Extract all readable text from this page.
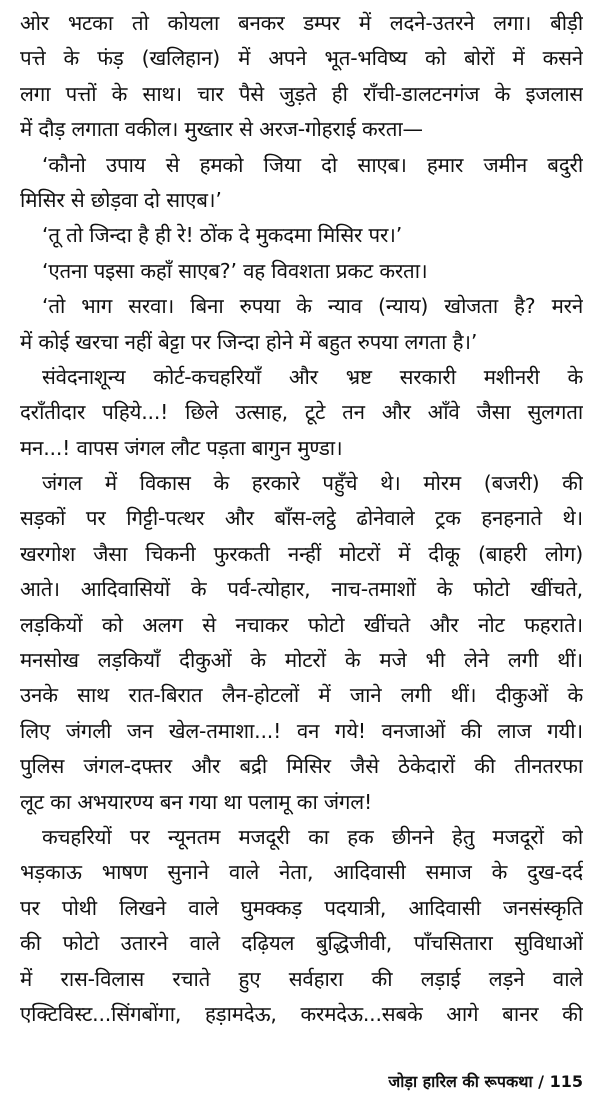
ओर भटका तो कोयला बनकर डम्पर में लदने-उतरने लगा। बीड़ी
पत्ते के फंड़ (खलिहान) में अपने भूत-भविष्य को बोरों में कसने
लगा पत्तों के साथ। चार पैसे जुड़ते ही राँची-डालटनगंज के इजलास
में दौड़ लगाता वकील। मुख्तार से अरज-गोहराई करता—
‘कौनो उपाय से हमको जिया दो साएब। हमार जमीन बदुरी
मिसिर से छोड़वा दो साएब।’
‘तू तो जिन्दा है ही रे! ठोंक दे मुकदमा मिसिर पर।’
‘एतना पइसा कहाँ साएब?’ वह विवशता प्रकट करता।
‘तो भाग सरवा। बिना रुपया के न्याव (न्याय) खोजता है? मरने
में कोई खरचा नहीं बेट्टा पर जिन्दा होने में बहुत रुपया लगता है।’
संवेदनाशून्य कोर्ट-कचहरियाँ और भ्रष्ट सरकारी मशीनरी के
दराँतीदार पहिये...! छिले उत्साह, टूटे तन और आँवे जैसा सुलगता
मन...! वापस जंगल लौट पड़ता बागुन मुण्डा।
जंगल में विकास के हरकारे पहुँचे थे। मोरम (बजरी) की
सड़कों पर गिट्टी-पत्थर और बाँस-लट्ठे ढोनेवाले ट्रक हनहनाते थे।
खरगोश जैसा चिकनी फुरकती नन्हीं मोटरों में दीकू (बाहरी लोग)
आते। आदिवासियों के पर्व-त्योहार, नाच-तमाशों के फोटो खींचते,
लड़कियों को अलग से नचाकर फोटो खींचते और नोट फहराते।
मनसोख लड़कियाँ दीकुओं के मोटरों के मजे भी लेने लगी थीं।
उनके साथ रात-बिरात लैन-होटलों में जाने लगी थीं। दीकुओं के
लिए जंगली जन खेल-तमाशा...! वन गये! वनजाओं की लाज गयी।
पुलिस जंगल-दफ्तर और बद्री मिसिर जैसे ठेकेदारों की तीनतरफा
लूट का अभयारण्य बन गया था पलामू का जंगल!
कचहरियों पर न्यूनतम मजदूरी का हक छीनने हेतु मजदूरों को
भड़काऊ भाषण सुनाने वाले नेता, आदिवासी समाज के दुख-दर्द
पर पोथी लिखने वाले घुमक्कड़ पदयात्री, आदिवासी जनसंस्कृति
की फोटो उतारने वाले दढ़ियल बुद्धिजीवी, पाँचसितारा सुविधाओं
में रास-विलास रचाते हुए सर्वहारा की लड़ाई लड़ने वाले
एक्टिविस्ट...सिंगबोंगा, हड़ामदेऊ, करमदेऊ...सबके आगे बानर की
जोड़ा हारिल की रूपकथा / 115
